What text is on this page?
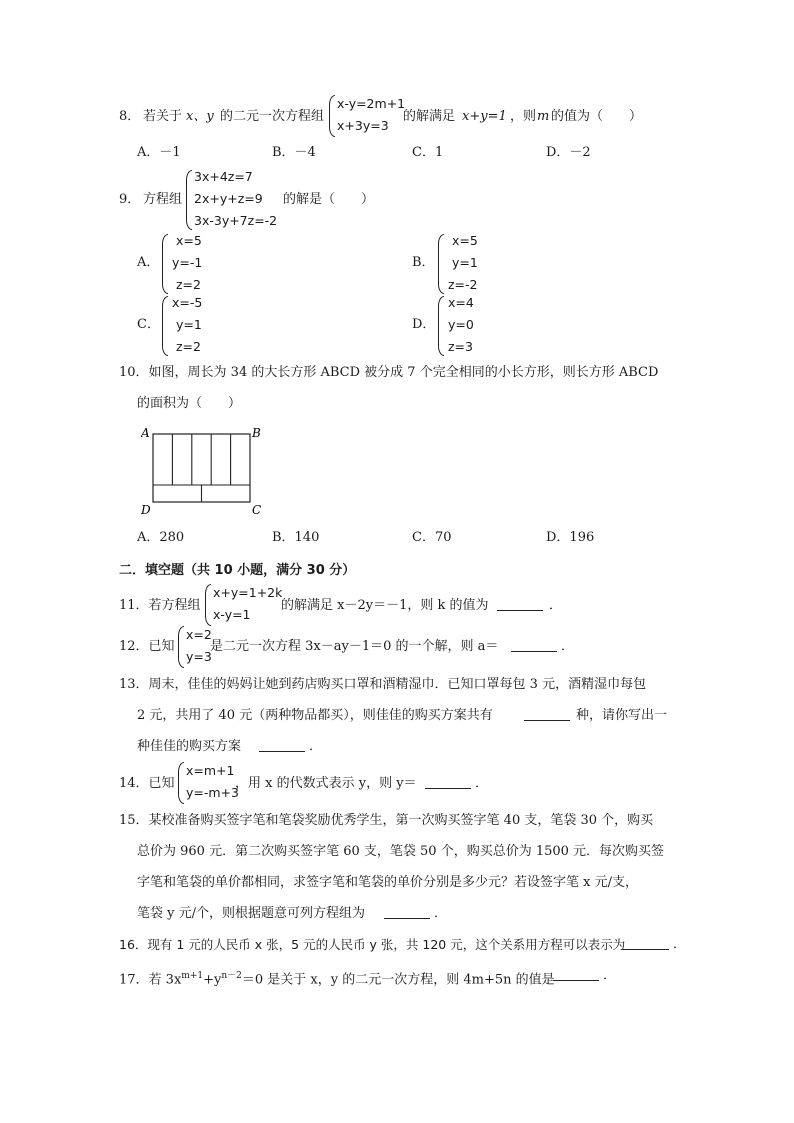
8． 若关于 x、y 的二元一次方程组
x-y=2m+1
x+3y=3
的解满足 x+y=1 ，则 m 的值为（　　）
A．－1	B．－4	C．1	D．－2
9． 方程组
3x+4z=7
2x+y+z=9
3x-3y+7z=-2
的解是（　　）
A．
x=5
y=-1
z=2
B．
x=5
y=1
z=-2
C．
x=-5
y=1
z=2
D．
x=4
y=0
z=3
10．如图，周长为 34 的大长方形 ABCD 被分成 7 个完全相同的小长方形，则长方形 ABCD
的面积为（　　）
A	B
D	C
A．280	B．140	C．70	D．196
二．填空题（共 10 小题，满分 30 分）
11．若方程组
x+y=1+2k
x-y=1
的解满足 x－2y＝－1，则 k 的值为	．
12．已知
x=2
y=3
是二元一次方程 3x－ay－1＝0 的一个解，则 a＝	．
13．周末，佳佳的妈妈让她到药店购买口罩和酒精湿巾．已知口罩每包 3 元，酒精湿巾每包
2 元，共用了 40 元（两种物品都买），则佳佳的购买方案共有	种，请你写出一
种佳佳的购买方案	．
14．已知
x=m+1
y=-m+3
，用 x 的代数式表示 y，则 y＝	．
15．某校准备购买签字笔和笔袋奖励优秀学生，第一次购买签字笔 40 支，笔袋 30 个，购买
总价为 960 元．第二次购买签字笔 60 支，笔袋 50 个，购买总价为 1500 元．每次购买签
字笔和笔袋的单价都相同，求签字笔和笔袋的单价分别是多少元？若设签字笔 x 元/支，
笔袋 y 元/个，则根据题意可列方程组为	．
16．现有 1 元的人民币 x 张，5 元的人民币 y 张，共 120 元，这个关系用方程可以表示为	．
17．若 $3x^{m+1}+y^{n-2}=0$ 是关于 x，y 的二元一次方程，则 4m+5n 的值是	．
